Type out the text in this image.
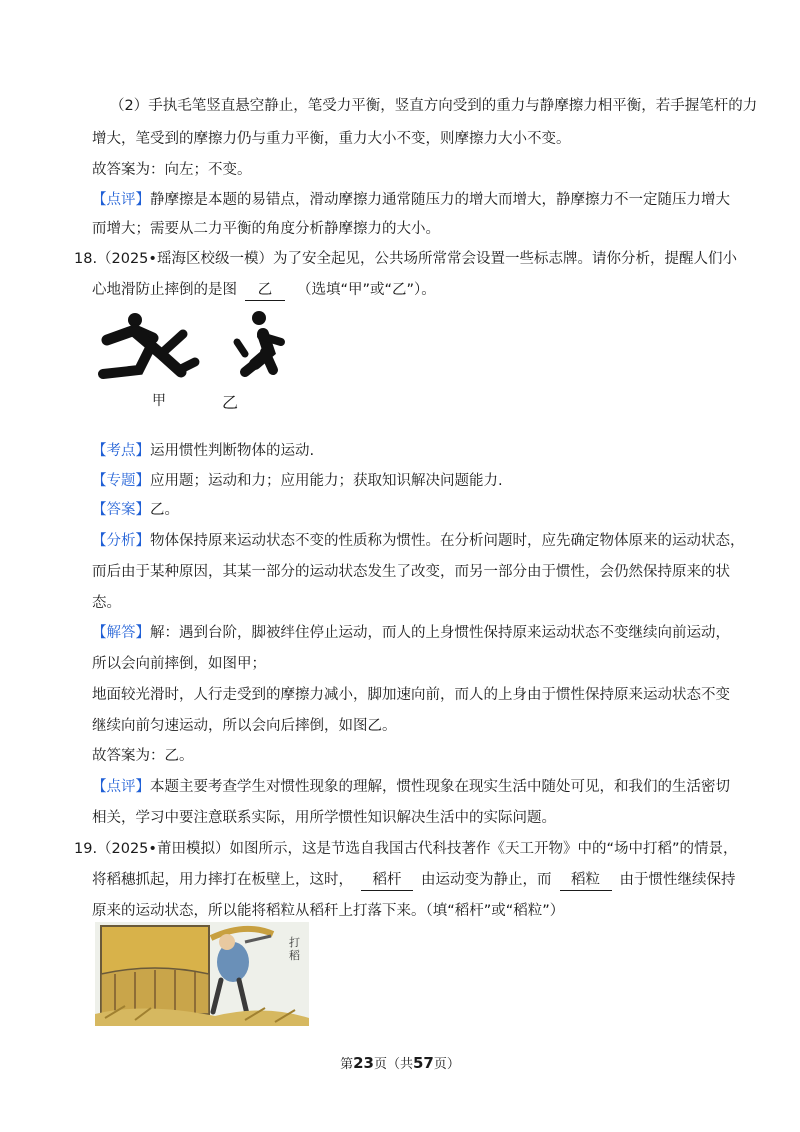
（2）手执毛笔竖直悬空静止，笔受力平衡，竖直方向受到的重力与静摩擦力相平衡，若手握笔杆的力
增大，笔受到的摩擦力仍与重力平衡，重力大小不变，则摩擦力大小不变。
故答案为：向左；不变。
【点评】静摩擦是本题的易错点，滑动摩擦力通常随压力的增大而增大，静摩擦力不一定随压力增大
而增大；需要从二力平衡的角度分析静摩擦力的大小。
18. （2025•瑶海区校级一模）为了安全起见，公共场所常常会设置一些标志牌。请你分析，提醒人们小
心地滑防止摔倒的是图 乙 （选填“甲”或“乙”）。
甲	乙
【考点】运用惯性判断物体的运动.
【专题】应用题；运动和力；应用能力；获取知识解决问题能力.
【答案】乙。
【分析】物体保持原来运动状态不变的性质称为惯性。在分析问题时，应先确定物体原来的运动状态，
而后由于某种原因，其某一部分的运动状态发生了改变，而另一部分由于惯性，会仍然保持原来的状
态。
【解答】解：遇到台阶，脚被绊住停止运动，而人的上身惯性保持原来运动状态不变继续向前运动，
所以会向前摔倒，如图甲；
地面较光滑时，人行走受到的摩擦力减小，脚加速向前，而人的上身由于惯性保持原来运动状态不变
继续向前匀速运动，所以会向后摔倒，如图乙。
故答案为：乙。
【点评】本题主要考查学生对惯性现象的理解，惯性现象在现实生活中随处可见，和我们的生活密切
相关，学习中要注意联系实际，用所学惯性知识解决生活中的实际问题。
19. （2025•莆田模拟）如图所示，这是节选自我国古代科技著作《天工开物》中的“场中打稻”的情景，
将稻穗抓起，用力摔打在板壁上，这时， 稻杆 由运动变为静止，而 稻粒 由于惯性继续保持
原来的运动状态，所以能将稻粒从稻秆上打落下来。（填“稻杆”或“稻粒”）
打稻
第23页（共57页）
